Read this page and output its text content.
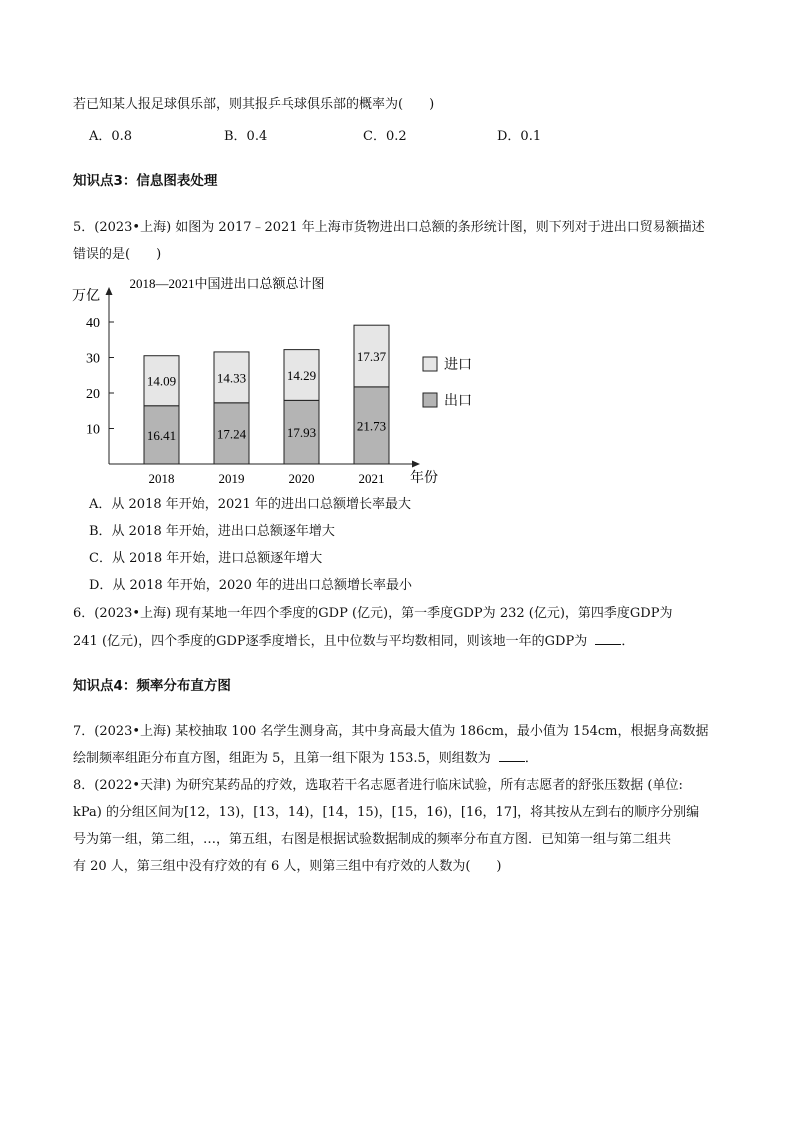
若已知某人报足球俱乐部，则其报乒乓球俱乐部的概率为(　　)
A．0.8	B．0.4	C．0.2	D．0.1
知识点3：信息图表处理
5．(2023•上海) 如图为 2017﹣2021 年上海市货物进出口总额的条形统计图，则下列对于进出口贸易额描述
错误的是(　　)
2018—2021中国进出口总额总计图
万亿
年份
10
20
30
40
16.41
14.09
17.24
14.33
17.93
14.29
21.73
17.37
2018	2019	2020	2021
进口
出口
A．从 2018 年开始，2021 年的进出口总额增长率最大
B．从 2018 年开始，进出口总额逐年增大
C．从 2018 年开始，进口总额逐年增大
D．从 2018 年开始，2020 年的进出口总额增长率最小
6．(2023•上海) 现有某地一年四个季度的GDP (亿元)，第一季度GDP为 232 (亿元)，第四季度GDP为
241 (亿元)，四个季度的GDP逐季度增长，且中位数与平均数相同，则该地一年的GDP为 ．
知识点4：频率分布直方图
7．(2023•上海) 某校抽取 100 名学生测身高，其中身高最大值为 186cm，最小值为 154cm，根据身高数据
绘制频率组距分布直方图，组距为 5，且第一组下限为 153.5，则组数为 ．
8．(2022•天津) 为研究某药品的疗效，选取若干名志愿者进行临床试验，所有志愿者的舒张压数据 (单位:
kPa) 的分组区间为[12，13)，[13，14)，[14，15)，[15，16)，[16，17]，将其按从左到右的顺序分别编
号为第一组，第二组，…，第五组，右图是根据试验数据制成的频率分布直方图．已知第一组与第二组共
有 20 人，第三组中没有疗效的有 6 人，则第三组中有疗效的人数为(　　)
